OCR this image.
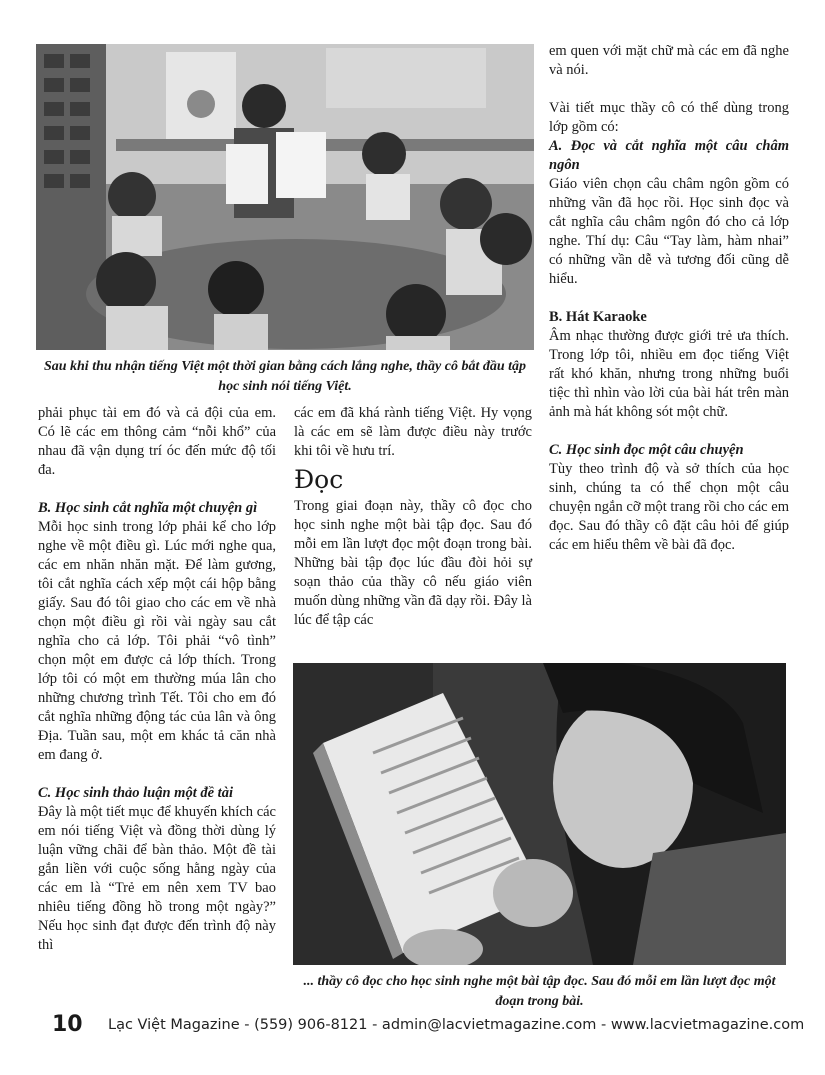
Sau khi thu nhận tiếng Việt một thời gian bằng cách lắng nghe, thầy cô bắt đầu tập học sinh nói tiếng Việt.

em quen với mặt chữ mà các em đã nghe và nói.

Vài tiết mục thầy cô có thể dùng trong lớp gồm có:

A. Đọc và cắt nghĩa một câu châm ngôn

Giáo viên chọn câu châm ngôn gồm có những vần đã học rồi. Học sinh đọc và cắt nghĩa câu châm ngôn đó cho cả lớp nghe. Thí dụ: Câu “Tay làm, hàm nhai” có những vần dễ và tương đối cũng dễ hiểu.

B. Hát Karaoke

Âm nhạc thường được giới trẻ ưa thích. Trong lớp tôi, nhiều em đọc tiếng Việt rất khó khăn, nhưng trong những buổi tiệc thì nhìn vào lời của bài hát trên màn ảnh mà hát không sót một chữ.

C. Học sinh đọc một câu chuyện

Tùy theo trình độ và sở thích của học sinh, chúng ta có thể chọn một câu chuyện ngắn cỡ một trang rồi cho các em đọc. Sau đó thầy cô đặt câu hỏi để giúp các em hiểu thêm về bài đã đọc.

phải phục tài em đó và cả đội của em. Có lẽ các em thông cảm “nỗi khổ” của nhau đã vận dụng trí óc đến mức độ tối đa.

B. Học sinh cắt nghĩa một chuyện gì

Mỗi học sinh trong lớp phải kể cho lớp nghe về một điều gì. Lúc mới nghe qua, các em nhăn nhăn mặt. Để làm gương, tôi cắt nghĩa cách xếp một cái hộp bằng giấy. Sau đó tôi giao cho các em về nhà chọn một điều gì rồi vài ngày sau cắt nghĩa cho cả lớp. Tôi phải “vô tình” chọn một em được cả lớp thích. Trong lớp tôi có một em thường múa lân cho những chương trình Tết. Tôi cho em đó cắt nghĩa những động tác của lân và ông Địa. Tuần sau, một em khác tả căn nhà em đang ở.

C. Học sinh thảo luận một đề tài

Đây là một tiết mục để khuyến khích các em nói tiếng Việt và đồng thời dùng lý luận vững chãi để bàn thảo. Một đề tài gắn liền với cuộc sống hằng ngày của các em là “Trẻ em nên xem TV bao nhiêu tiếng đồng hồ trong một ngày?” Nếu học sinh đạt được đến trình độ này thì

các em đã khá rành tiếng Việt. Hy vọng là các em sẽ làm được điều này trước khi tôi về hưu trí.

Đọc

Trong giai đoạn này, thầy cô đọc cho học sinh nghe một bài tập đọc. Sau đó mỗi em lần lượt đọc một đoạn trong bài. Những bài tập đọc lúc đầu đòi hỏi sự soạn thảo của thầy cô nếu giáo viên muốn dùng những vần đã dạy rồi. Đây là lúc để tập các

... thầy cô đọc cho học sinh nghe một bài tập đọc. Sau đó mỗi em lần lượt đọc một đoạn trong bài.
10 Lạc Việt Magazine - (559) 906-8121 - admin@lacvietmagazine.com - www.lacvietmagazine.com
